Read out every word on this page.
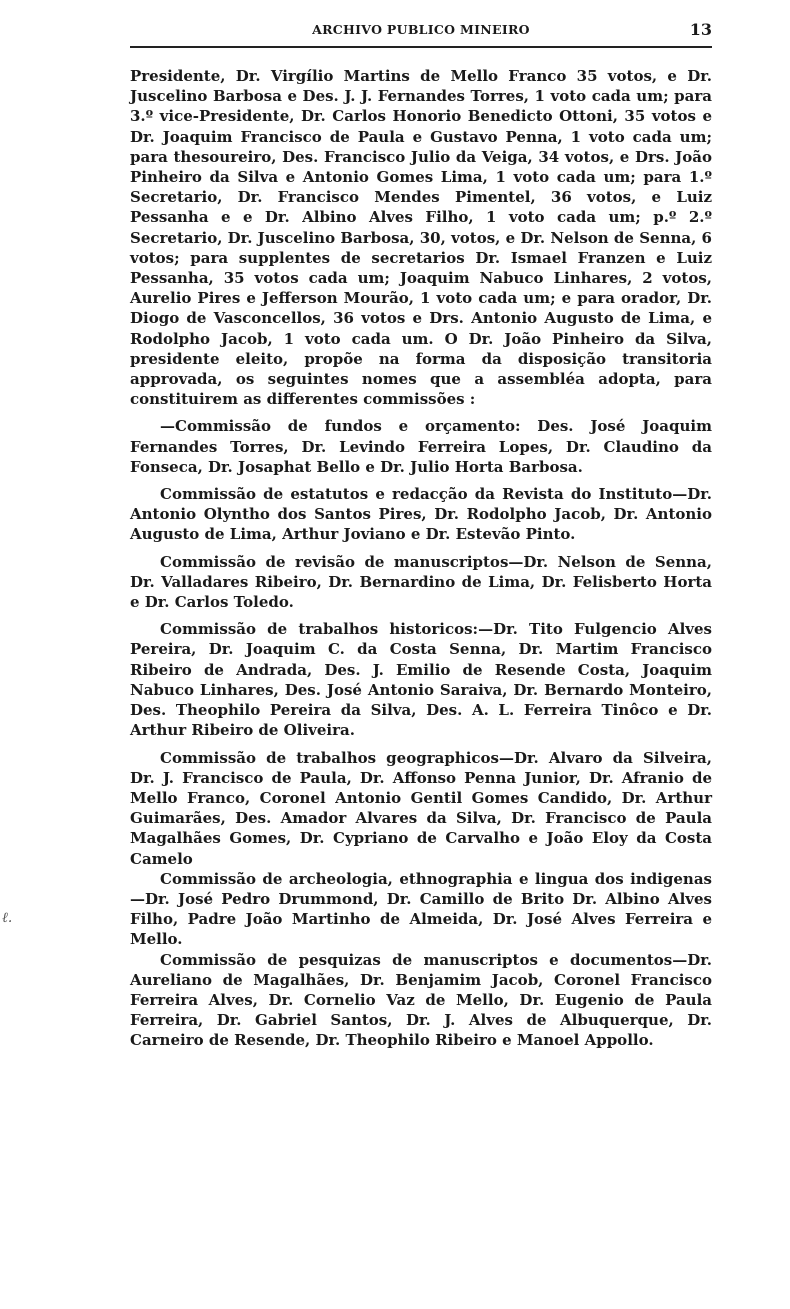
ARCHIVO PUBLICO MINEIRO	13
ℓ.

Presidente, Dr. Virgílio Martins de Mello Franco 35 votos, e Dr. Juscelino Barbosa e Des. J. J. Fernandes Torres, 1 voto cada um; para 3.º vice-Presidente, Dr. Carlos Honorio Benedicto Ottoni, 35 votos e Dr. Joaquim Francisco de Paula e Gustavo Penna, 1 voto cada um; para thesoureiro, Des. Francisco Julio da Veiga, 34 votos, e Drs. João Pinheiro da Silva e Antonio Gomes Lima, 1 voto cada um; para 1.º Secretario, Dr. Francisco Mendes Pimentel, 36 votos, e Luiz Pessanha e e Dr. Albino Alves Filho, 1 voto cada um; p.º 2.º Secretario, Dr. Juscelino Barbosa, 30, votos, e Dr. Nelson de Senna, 6 votos; para supplentes de secretarios Dr. Ismael Franzen e Luiz Pessanha, 35 votos cada um; Joaquim Nabuco Linhares, 2 votos, Aurelio Pires e Jefferson Mourão, 1 voto cada um; e para orador, Dr. Diogo de Vasconcellos, 36 votos e Drs. Antonio Augusto de Lima, e Rodolpho Jacob, 1 voto cada um. O Dr. João Pinheiro da Silva, presidente eleito, propõe na forma da disposição transitoria approvada, os seguintes nomes que a assembléa adopta, para constituirem as differentes commissões :

—Commissão de fundos e orçamento: Des. José Joaquim Fernandes Torres, Dr. Levindo Ferreira Lopes, Dr. Claudino da Fonseca, Dr. Josaphat Bello e Dr. Julio Horta Barbosa.

Commissão de estatutos e redacção da Revista do Instituto—Dr. Antonio Olyntho dos Santos Pires, Dr. Rodolpho Jacob, Dr. Antonio Augusto de Lima, Arthur Joviano e Dr. Estevão Pinto.

Commissão de revisão de manuscriptos—Dr. Nelson de Senna, Dr. Valladares Ribeiro, Dr. Bernardino de Lima, Dr. Felisberto Horta e Dr. Carlos Toledo.

Commissão de trabalhos historicos:—Dr. Tito Fulgencio Alves Pereira, Dr. Joaquim C. da Costa Senna, Dr. Martim Francisco Ribeiro de Andrada, Des. J. Emilio de Resende Costa, Joaquim Nabuco Linhares, Des. José Antonio Saraiva, Dr. Bernardo Monteiro, Des. Theophilo Pereira da Silva, Des. A. L. Ferreira Tinôco e Dr. Arthur Ribeiro de Oliveira.

Commissão de trabalhos geographicos—Dr. Alvaro da Silveira, Dr. J. Francisco de Paula, Dr. Affonso Penna Junior, Dr. Afranio de Mello Franco, Coronel Antonio Gentil Gomes Candido, Dr. Arthur Guimarães, Des. Amador Alvares da Silva, Dr. Francisco de Paula Magalhães Gomes, Dr. Cypriano de Carvalho e João Eloy da Costa Camelo

Commissão de archeologia, ethnographia e lingua dos indigenas—Dr. José Pedro Drummond, Dr. Camillo de Brito Dr. Albino Alves Filho, Padre João Martinho de Almeida, Dr. José Alves Ferreira e Mello.

Commissão de pesquizas de manuscriptos e documentos—Dr. Aureliano de Magalhães, Dr. Benjamim Jacob, Coronel Francisco Ferreira Alves, Dr. Cornelio Vaz de Mello, Dr. Eugenio de Paula Ferreira, Dr. Gabriel Santos, Dr. J. Alves de Albuquerque, Dr. Carneiro de Resende, Dr. Theophilo Ribeiro e Manoel Appollo.
